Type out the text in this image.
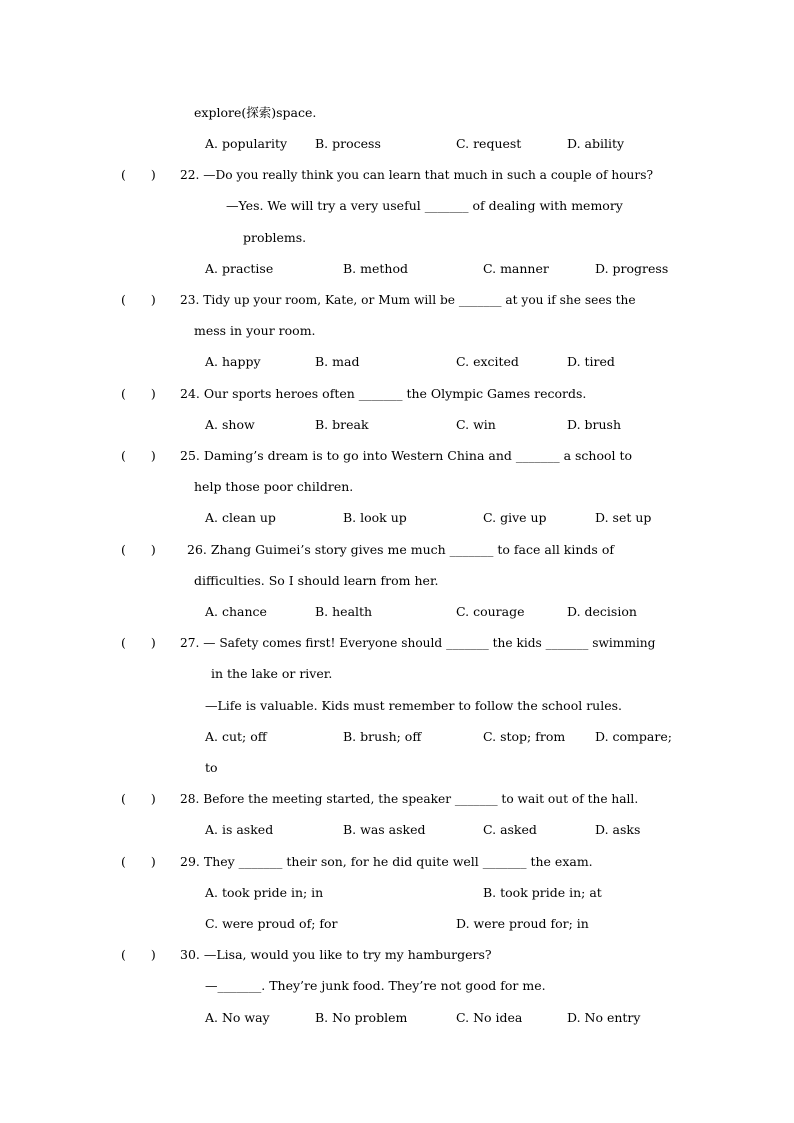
explore(探索)space.
A. popularity B. process	C. request	D. ability
(　　) 22. —Do you really think you can learn that much in such a couple of hours?
—Yes. We will try a very useful _______ of dealing with memory
problems.
A. practise	B. method	C. manner	D. progress
(　　) 23. Tidy up your room, Kate, or Mum will be _______ at you if she sees the
mess in your room.
A. happy	B. mad	C. excited	D. tired
(　　) 24. Our sports heroes often _______ the Olympic Games records.
A. show	B. break	C. win	D. brush
(　　) 25. Daming’s dream is to go into Western China and _______ a school to
help those poor children.
A. clean up	B. look up	C. give up	D. set up
(　　) 26. Zhang Guimei’s story gives me much _______ to face all kinds of
difficulties. So I should learn from her.
A. chance	B. health	C. courage	D. decision
(　　) 27. — Safety comes first! Everyone should _______ the kids _______ swimming
in the lake or river.
—Life is valuable. Kids must remember to follow the school rules.
A. cut; off	B. brush; off	C. stop; from D. compare;
to
(　　) 28. Before the meeting started, the speaker _______ to wait out of the hall.
A. is asked	B. was asked	C. asked	D. asks
(　　) 29. They _______ their son, for he did quite well _______ the exam.
A. took pride in; in	B. took pride in; at
C. were proud of; for	D. were proud for; in
(　　) 30. —Lisa, would you like to try my hamburgers?
—_______. They’re junk food. They’re not good for me.
A. No way	B. No problem	C. No idea	D. No entry
